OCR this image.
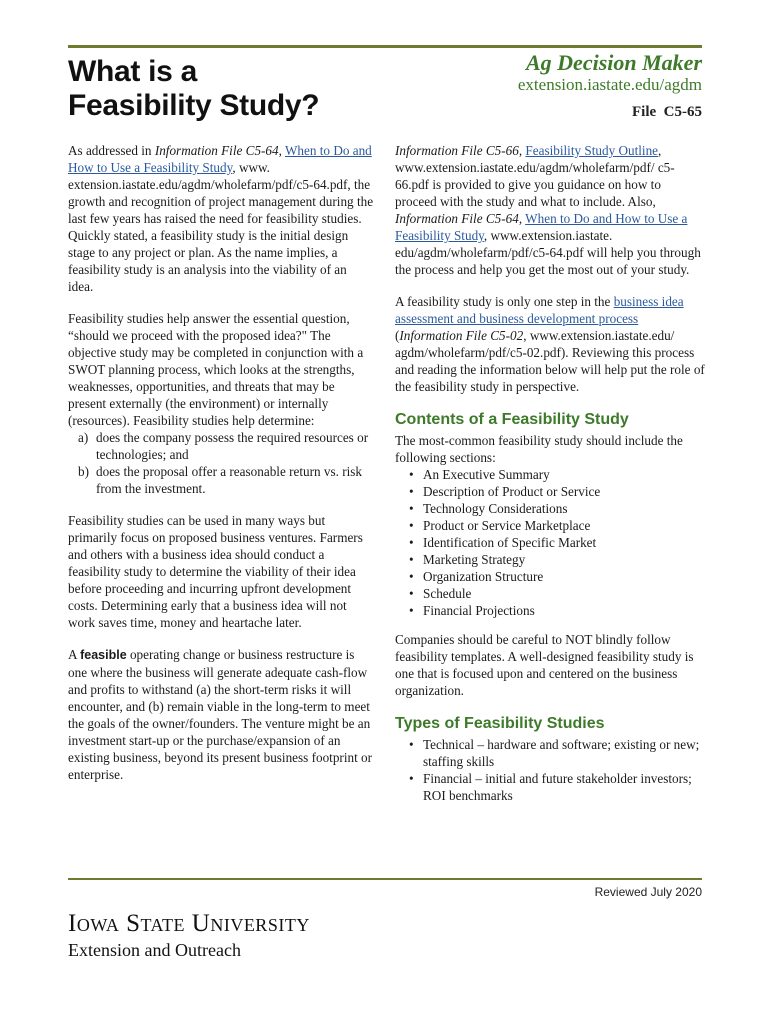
What is a
Feasibility Study?
Ag Decision Maker
extension.iastate.edu/agdm
File C5-65

As addressed in Information File C5-64, When to Do and How to Use a Feasibility Study, www. extension.iastate.edu/agdm/wholefarm/pdf/c5-64.pdf, the growth and recognition of project management during the last few years has raised the need for feasibility studies. Quickly stated, a feasibility study is the initial design stage to any project or plan. As the name implies, a feasibility study is an analysis into the viability of an idea.

Feasibility studies help answer the essential question, “should we proceed with the proposed idea?" The objective study may be completed in conjunction with a SWOT planning process, which looks at the strengths, weaknesses, opportunities, and threats that may be present externally (the environment) or internally (resources). Feasibility studies help determine:

a) does the company possess the required resources or technologies; and
b) does the proposal offer a reasonable return vs. risk from the investment.

Feasibility studies can be used in many ways but primarily focus on proposed business ventures. Farmers and others with a business idea should conduct a feasibility study to determine the viability of their idea before proceeding and incurring upfront development costs. Determining early that a business idea will not work saves time, money and heartache later.

A feasible operating change or business restructure is one where the business will generate adequate cash-flow and profits to withstand (a) the short-term risks it will encounter, and (b) remain viable in the long-term to meet the goals of the owner/founders. The venture might be an investment start-up or the purchase/expansion of an existing business, beyond its present business footprint or enterprise.

Information File C5-66, Feasibility Study Outline, www.extension.iastate.edu/agdm/wholefarm/pdf/ c5-66.pdf is provided to give you guidance on how to proceed with the study and what to include. Also, Information File C5-64, When to Do and How to Use a Feasibility Study, www.extension.iastate. edu/agdm/wholefarm/pdf/c5-64.pdf will help you through the process and help you get the most out of your study.

A feasibility study is only one step in the business idea assessment and business development process (Information File C5-02, www.extension.iastate.edu/ agdm/wholefarm/pdf/c5-02.pdf). Reviewing this process and reading the information below will help put the role of the feasibility study in perspective.

Contents of a Feasibility Study
The most-common feasibility study should include the following sections:
• An Executive Summary
• Description of Product or Service
• Technology Considerations
• Product or Service Marketplace
• Identification of Specific Market
• Marketing Strategy
• Organization Structure
• Schedule
• Financial Projections

Companies should be careful to NOT blindly follow feasibility templates. A well-designed feasibility study is one that is focused upon and centered on the business organization.

Types of Feasibility Studies
• Technical – hardware and software; existing or new; staffing skills
• Financial – initial and future stakeholder investors; ROI benchmarks
Reviewed July 2020
Iowa State University
Extension and Outreach
